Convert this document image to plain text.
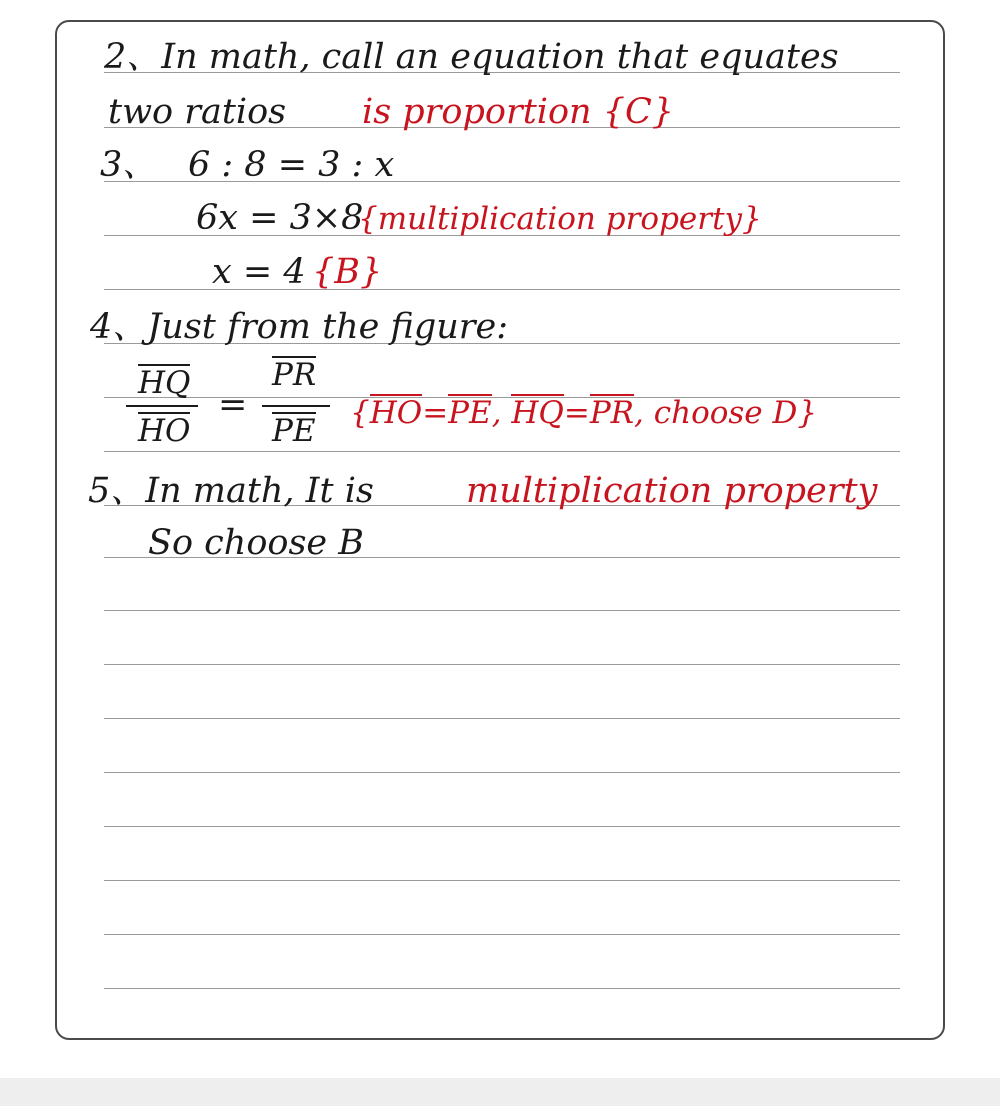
2、In math, call an equation that equates
two ratios is proportion {C}
3、 6 : 8 = 3 : x
6x = 3×8
{multiplication property}
x = 4 {B}
4、Just from the figure:
HQ
HO
=
PR
PE {HO=PE, HQ=PR, choose D}
5、In math, It is	multiplication property
So choose B
